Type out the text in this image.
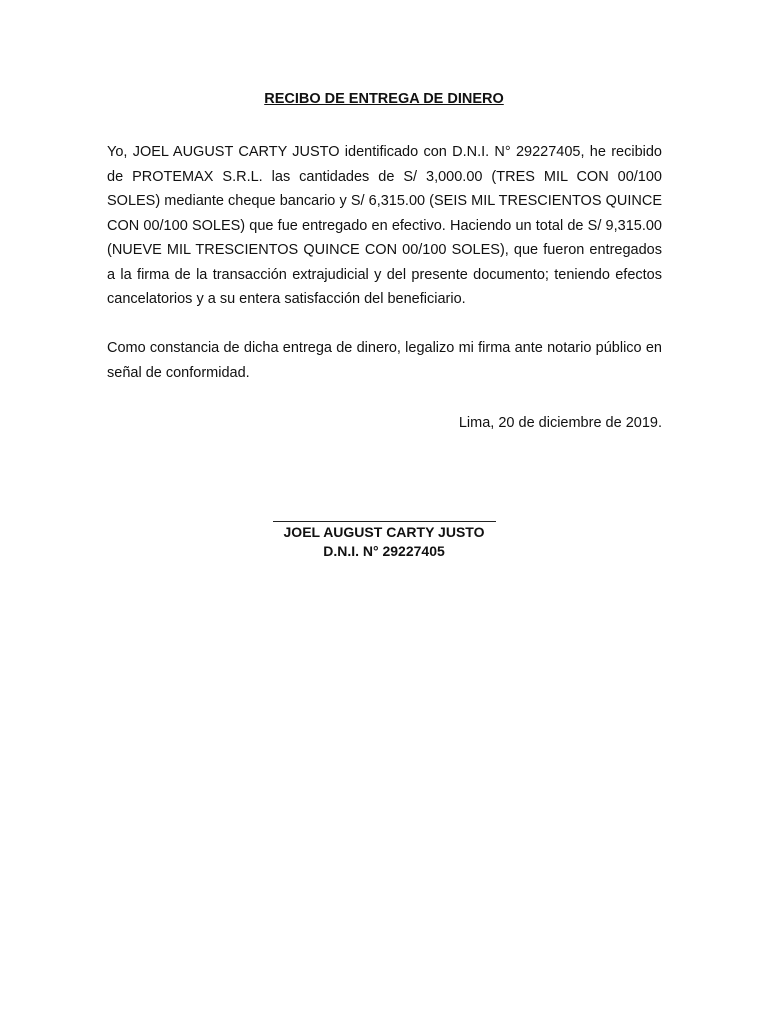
RECIBO DE ENTREGA DE DINERO

Yo, JOEL AUGUST CARTY JUSTO identificado con D.N.I. N° 29227405, he recibido de PROTEMAX S.R.L. las cantidades de S/ 3,000.00 (TRES MIL CON 00/100 SOLES) mediante cheque bancario y S/ 6,315.00 (SEIS MIL TRESCIENTOS QUINCE CON 00/100 SOLES) que fue entregado en efectivo. Haciendo un total de S/ 9,315.00 (NUEVE MIL TRESCIENTOS QUINCE CON 00/100 SOLES), que fueron entregados a la firma de la transacción extrajudicial y del presente documento; teniendo efectos cancelatorios y a su entera satisfacción del beneficiario.

Como constancia de dicha entrega de dinero, legalizo mi firma ante notario público en señal de conformidad.

Lima, 20 de diciembre de 2019.
JOEL AUGUST CARTY JUSTO
D.N.I. N° 29227405
